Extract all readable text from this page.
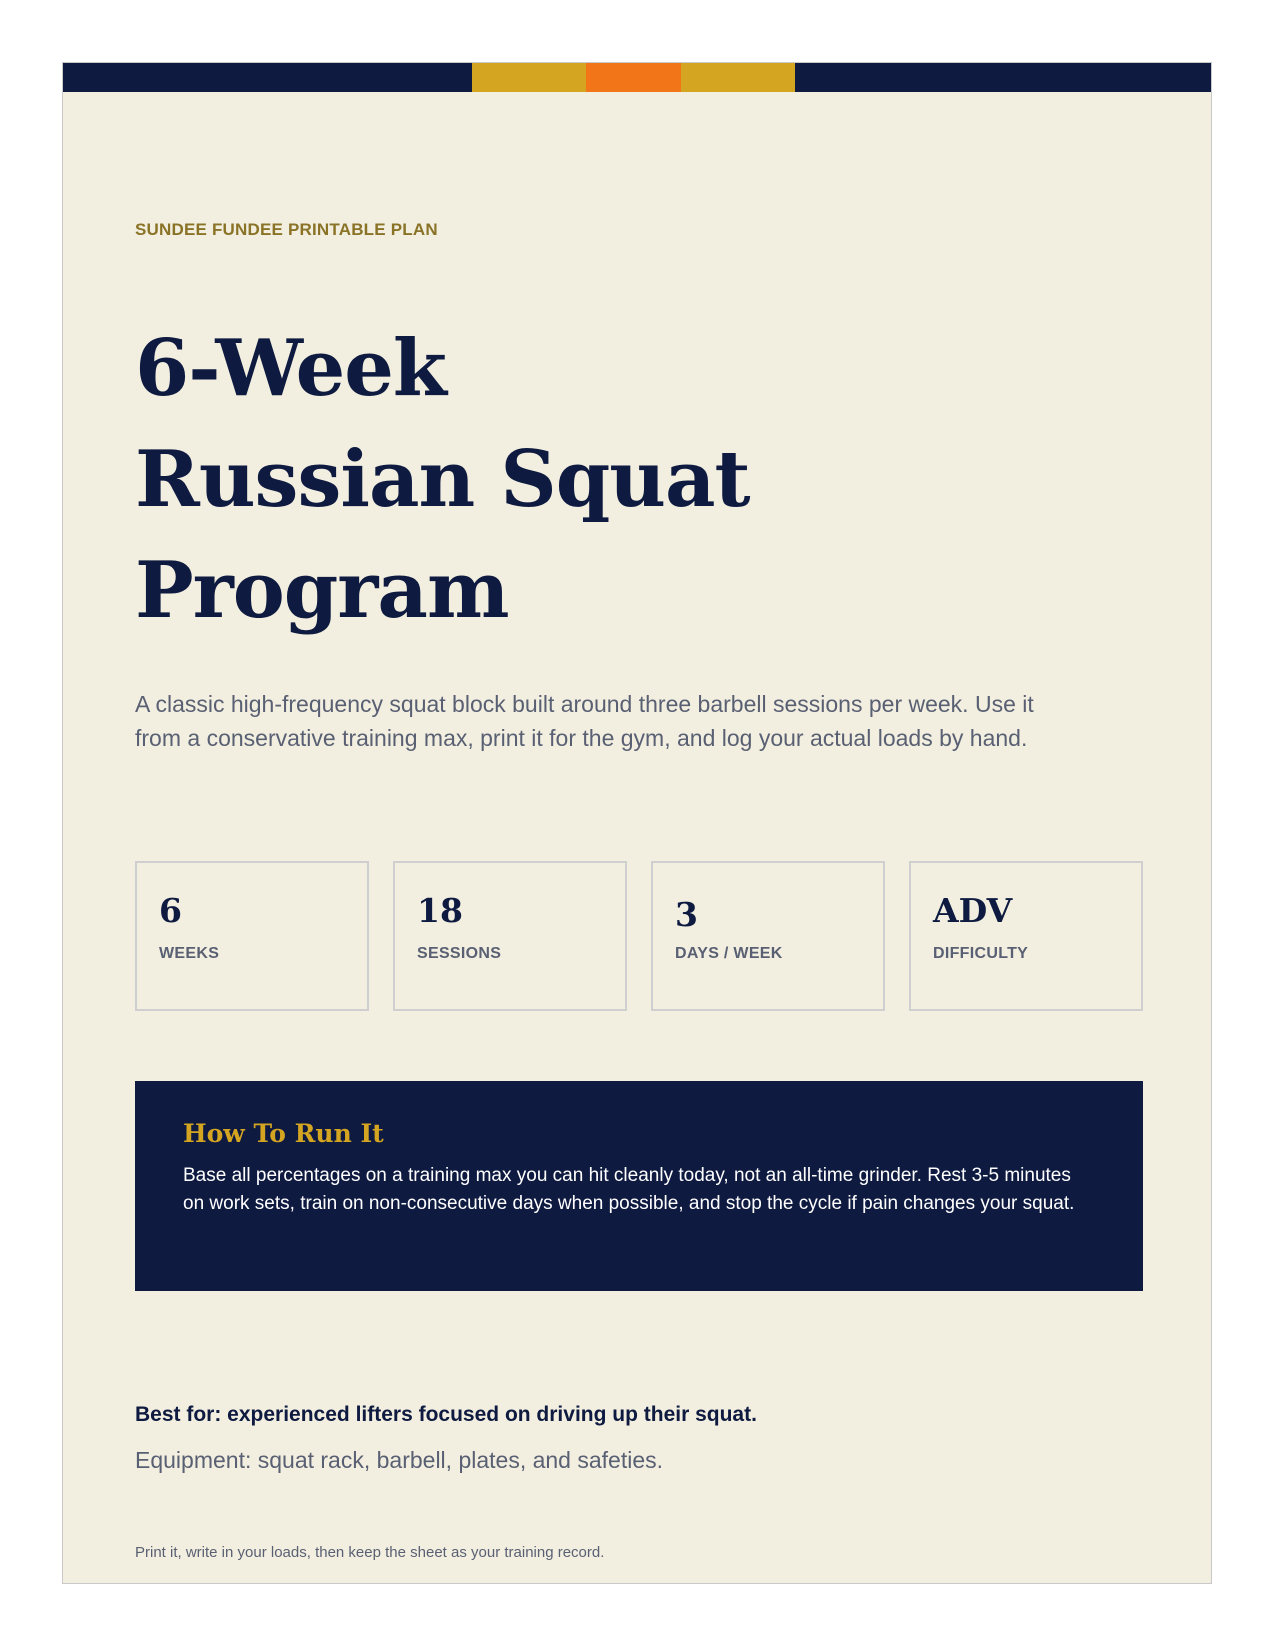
SUNDEE FUNDEE PRINTABLE PLAN
6-Week
Russian Squat
Program
A classic high-frequency squat block built around three barbell sessions per week. Use it from a conservative training max, print it for the gym, and log your actual loads by hand.
6
WEEKS
18
SESSIONS
3
DAYS / WEEK
ADV
DIFFICULTY
How To Run It

Base all percentages on a training max you can hit cleanly today, not an all-time grinder. Rest 3-5 minutes on work sets, train on non-consecutive days when possible, and stop the cycle if pain changes your squat.

Best for: experienced lifters focused on driving up their squat.
Equipment: squat rack, barbell, plates, and safeties.
Print it, write in your loads, then keep the sheet as your training record.
